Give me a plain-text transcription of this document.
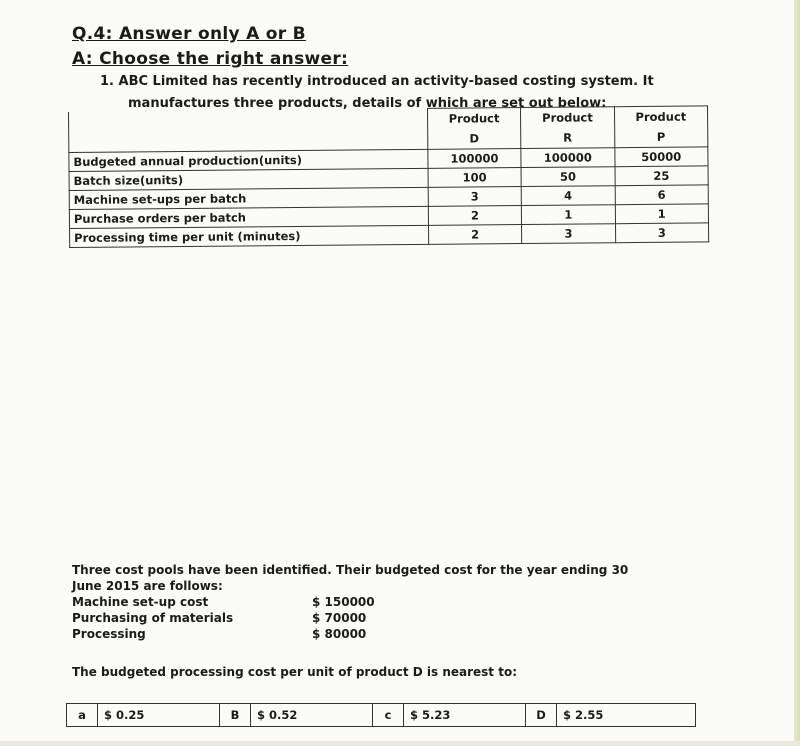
Q.4: Answer only A or B
A: Choose the right answer:
1. ABC Limited has recently introduced an activity-based costing system. It
manufactures three products, details of which are set out below:
	Product	Product	Product
	D	R	P
Budgeted annual production(units)	100000	100000	50000
Batch size(units)	100	50	25
Machine set-ups per batch	3	4	6
Purchase orders per batch	2	1	1
Processing time per unit (minutes)	2	3	3
Three cost pools have been identified. Their budgeted cost for the year ending 30
June 2015 are follows:
Machine set-up cost	$ 150000
Purchasing of materials	$ 70000
Processing	$ 80000
The budgeted processing cost per unit of product D is nearest to:
a	$ 0.25	B	$ 0.52	c	$ 5.23	D	$ 2.55
